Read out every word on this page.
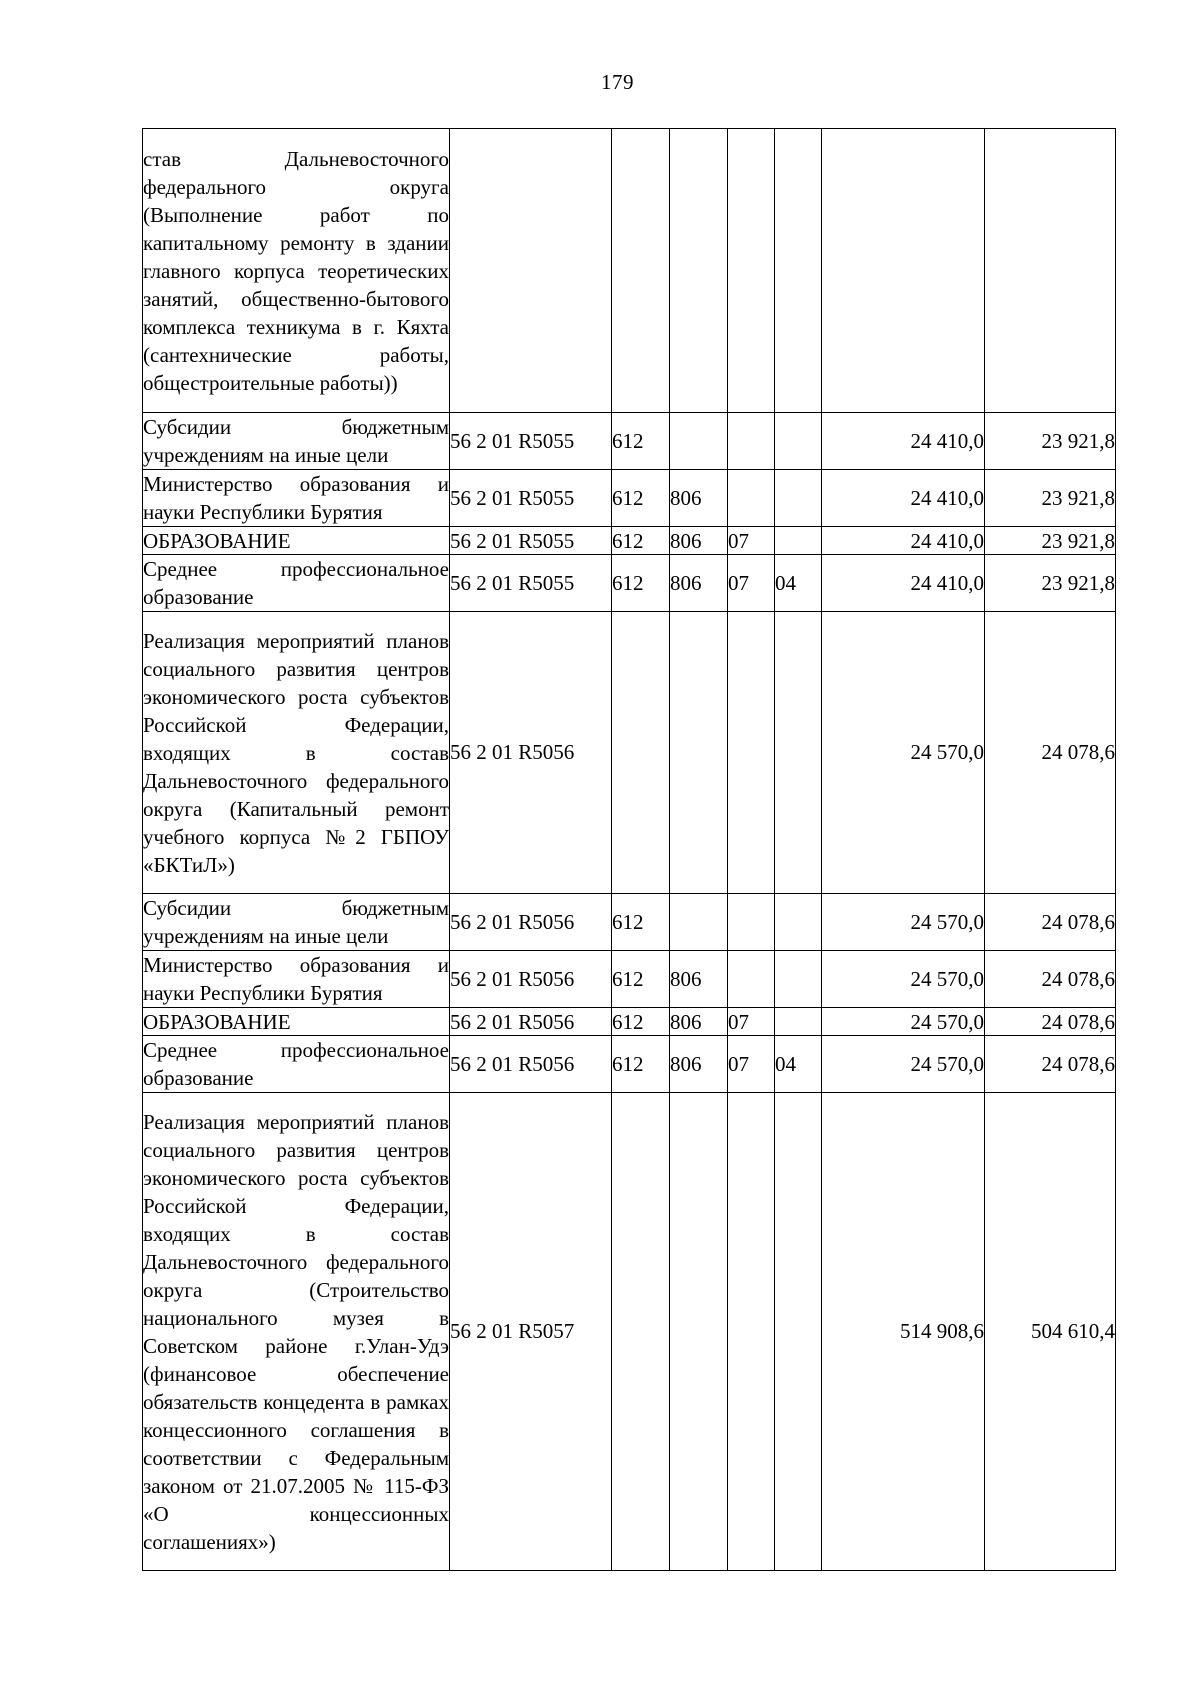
179
став Дальневосточного федерального округа (Выполнение работ по капитальному ремонту в здании главного корпуса теоретических занятий, общественно-бытового комплекса техникума в г. Кяхта (сантехнические работы, общестроительные работы))							
Субсидии бюджетным учреждениям на иные цели	56 2 01 R5055	612				24 410,0	23 921,8
Министерство образования и науки Республики Бурятия	56 2 01 R5055	612	806			24 410,0	23 921,8
ОБРАЗОВАНИЕ	56 2 01 R5055	612	806	07		24 410,0	23 921,8
Среднее профессиональное образование	56 2 01 R5055	612	806	07	04	24 410,0	23 921,8
Реализация мероприятий планов социального развития центров экономического роста субъектов Российской Федерации, входящих в состав Дальневосточного федерального округа (Капитальный ремонт учебного корпуса №2 ГБПОУ «БКТиЛ»)	56 2 01 R5056					24 570,0	24 078,6
Субсидии бюджетным учреждениям на иные цели	56 2 01 R5056	612				24 570,0	24 078,6
Министерство образования и науки Республики Бурятия	56 2 01 R5056	612	806			24 570,0	24 078,6
ОБРАЗОВАНИЕ	56 2 01 R5056	612	806	07		24 570,0	24 078,6
Среднее профессиональное образование	56 2 01 R5056	612	806	07	04	24 570,0	24 078,6
Реализация мероприятий планов социального развития центров экономического роста субъектов Российской Федерации, входящих в состав Дальневосточного федерального округа (Строительство национального музея в Советском районе г.Улан-Удэ (финансовое обеспечение обязательств концедента в рамках концессионного соглашения в соответствии с Федеральным законом от 21.07.2005 № 115-ФЗ «О концессионных соглашениях»)	56 2 01 R5057					514 908,6	504 610,4
